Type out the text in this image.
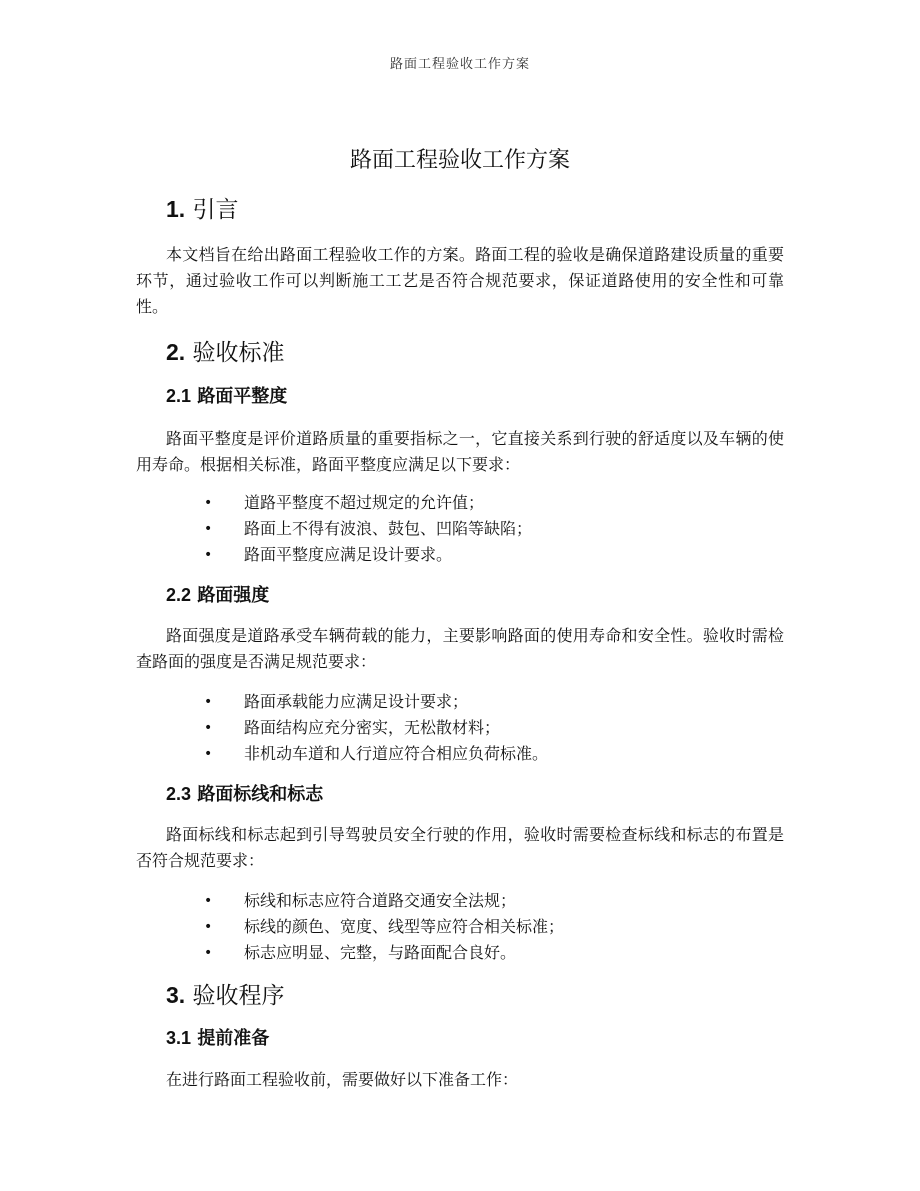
路面工程验收工作方案
路面工程验收工作方案
1. 引言

本文档旨在给出路面工程验收工作的方案。路面工程的验收是确保道路建设质量的重要环节，通过验收工作可以判断施工工艺是否符合规范要求，保证道路使用的安全性和可靠性。

2. 验收标准
2.1 路面平整度

路面平整度是评价道路质量的重要指标之一，它直接关系到行驶的舒适度以及车辆的使用寿命。根据相关标准，路面平整度应满足以下要求：

• 道路平整度不超过规定的允许值；
• 路面上不得有波浪、鼓包、凹陷等缺陷；
• 路面平整度应满足设计要求。
2.2 路面强度

路面强度是道路承受车辆荷载的能力，主要影响路面的使用寿命和安全性。验收时需检查路面的强度是否满足规范要求：

• 路面承载能力应满足设计要求；
• 路面结构应充分密实，无松散材料；
• 非机动车道和人行道应符合相应负荷标准。
2.3 路面标线和标志

路面标线和标志起到引导驾驶员安全行驶的作用，验收时需要检查标线和标志的布置是否符合规范要求：

• 标线和标志应符合道路交通安全法规；
• 标线的颜色、宽度、线型等应符合相关标准；
• 标志应明显、完整，与路面配合良好。
3. 验收程序
3.1 提前准备

在进行路面工程验收前，需要做好以下准备工作：
